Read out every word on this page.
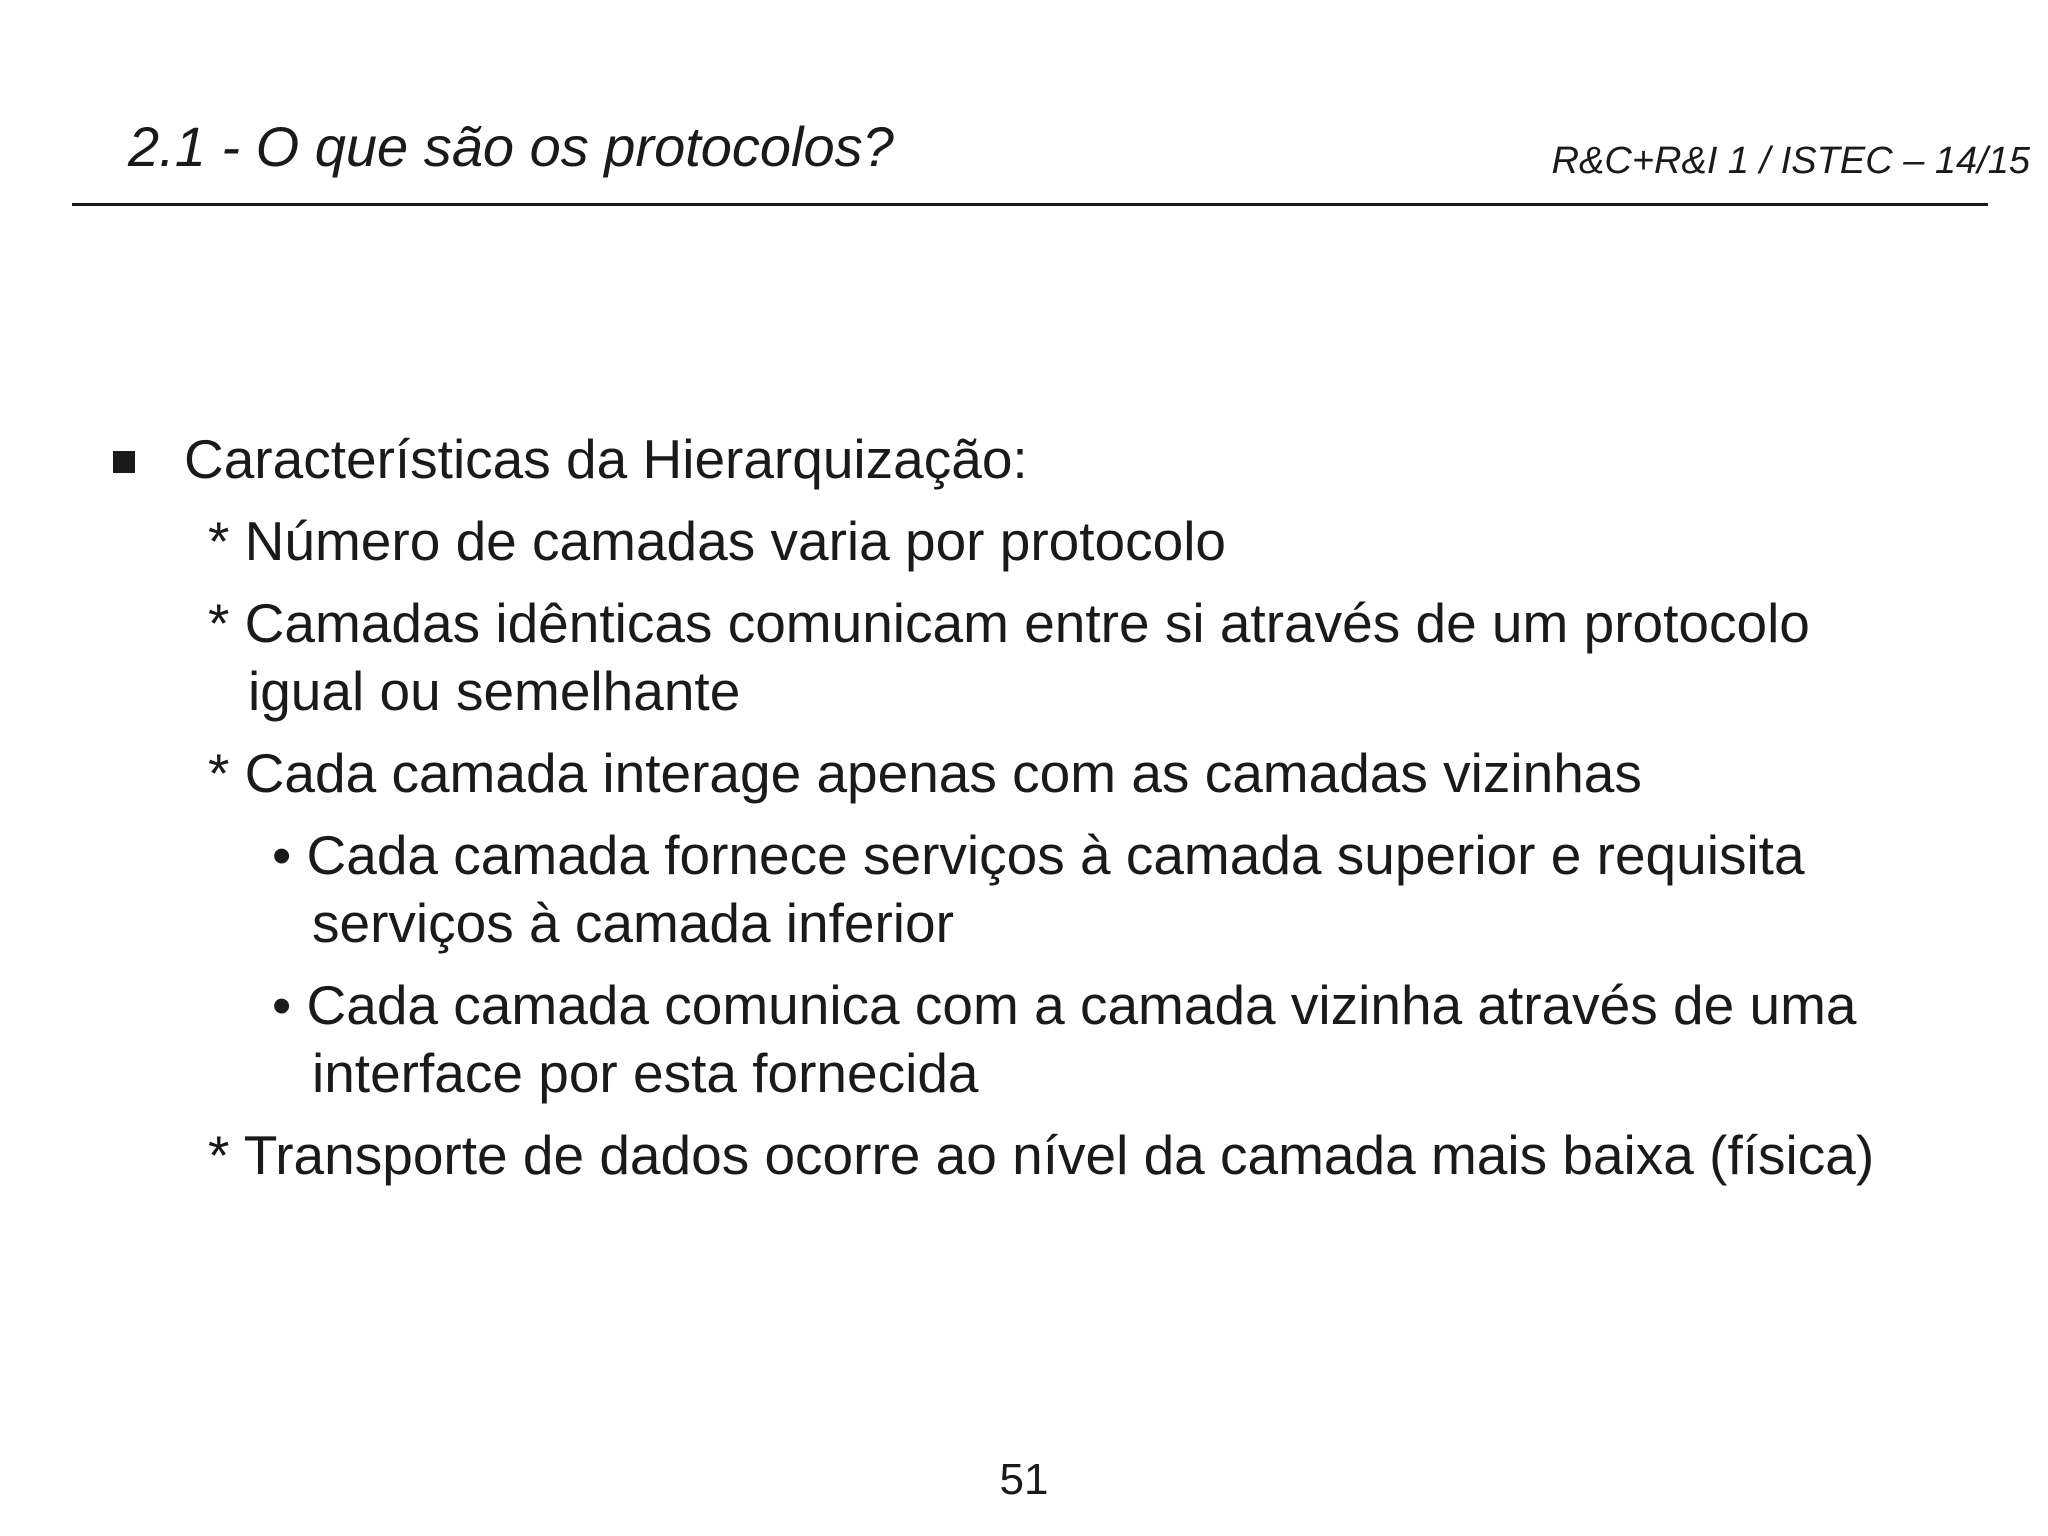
2.1 - O que são os protocolos?	R&C+R&I 1 / ISTEC – 14/15
Características da Hierarquização:
* Número de camadas varia por protocolo
* Camadas idênticas comunicam entre si através de um protocolo
igual ou semelhante
* Cada camada interage apenas com as camadas vizinhas
• Cada camada fornece serviços à camada superior e requisita
serviços à camada inferior
• Cada camada comunica com a camada vizinha através de uma
interface por esta fornecida
* Transporte de dados ocorre ao nível da camada mais baixa (física)
51
